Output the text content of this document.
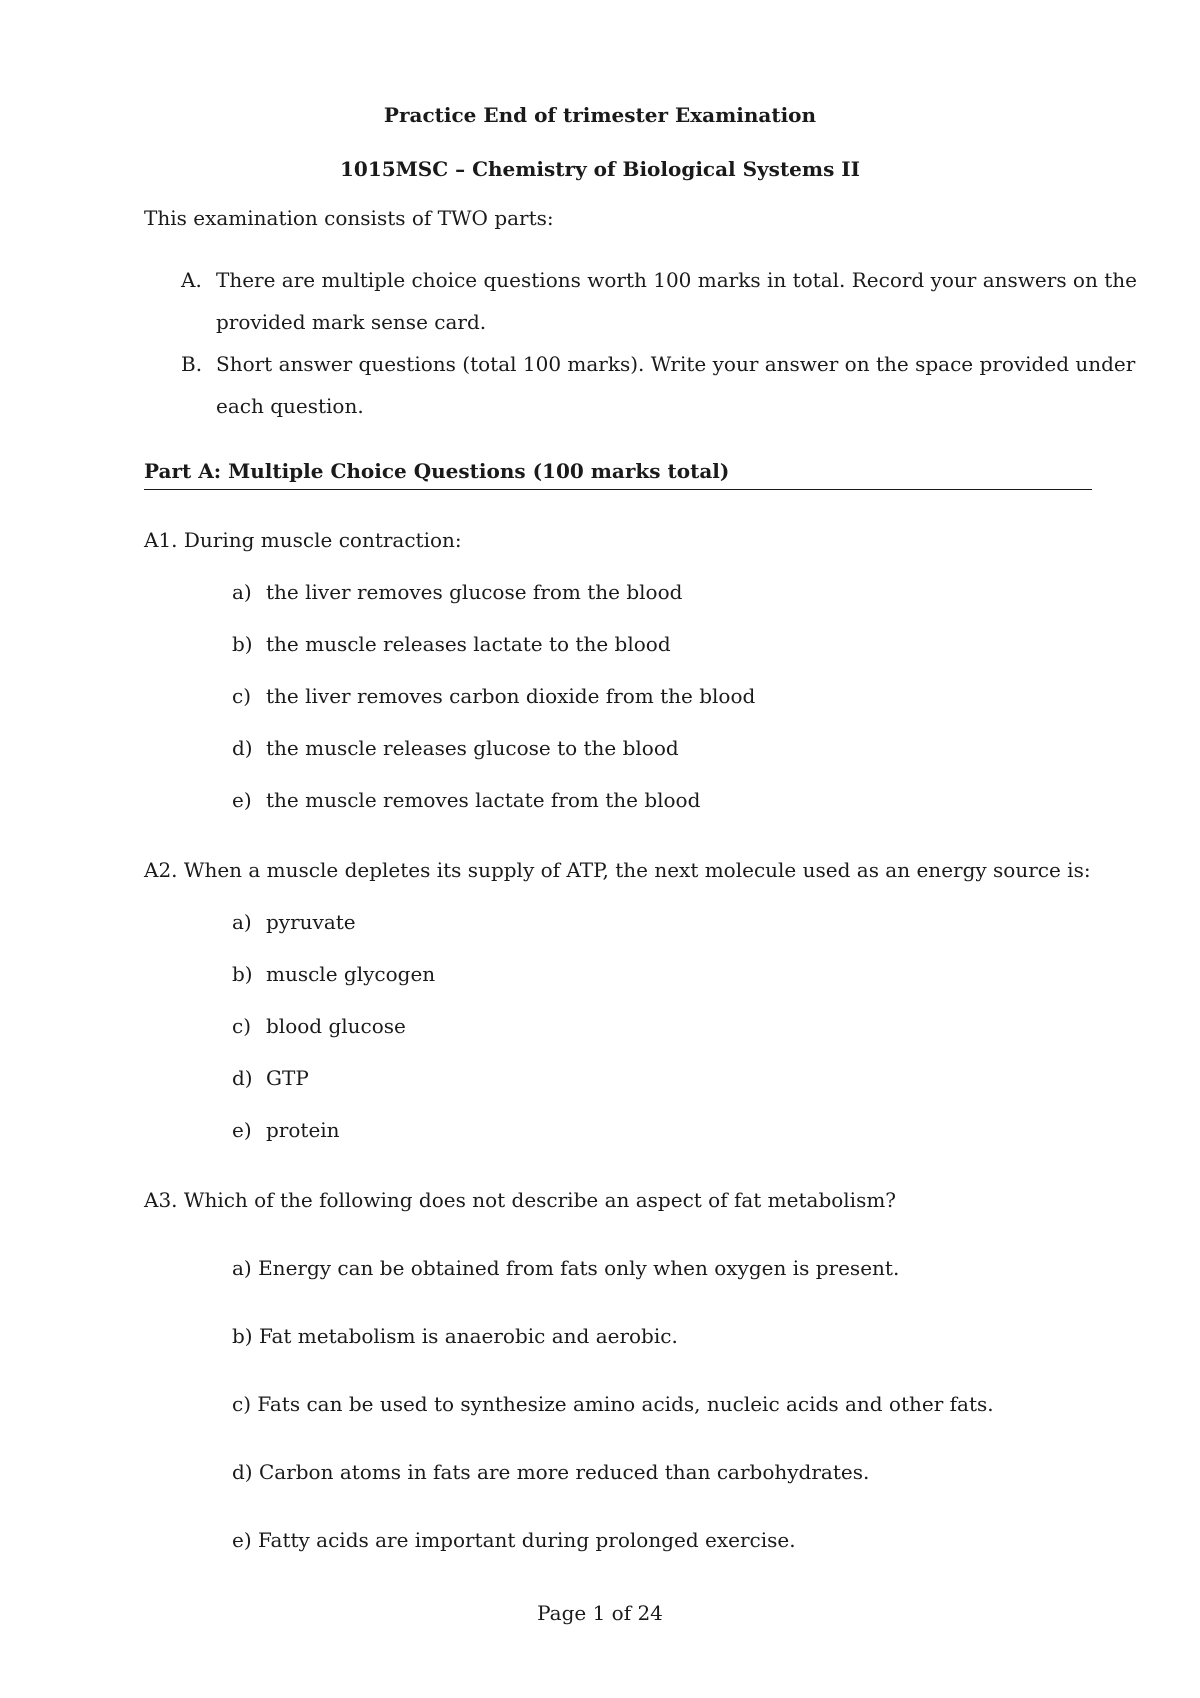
Practice End of trimester Examination
1015MSC – Chemistry of Biological Systems II
This examination consists of TWO parts:
A. There are multiple choice questions worth 100 marks in total. Record your answers on the
provided mark sense card.
B. Short answer questions (total 100 marks). Write your answer on the space provided under
each question.
Part A: Multiple Choice Questions (100 marks total)
A1. During muscle contraction:
a) the liver removes glucose from the blood
b) the muscle releases lactate to the blood
c) the liver removes carbon dioxide from the blood
d) the muscle releases glucose to the blood
e) the muscle removes lactate from the blood
A2. When a muscle depletes its supply of ATP, the next molecule used as an energy source is:
a) pyruvate
b) muscle glycogen
c) blood glucose
d) GTP
e) protein
A3. Which of the following does not describe an aspect of fat metabolism?
a) Energy can be obtained from fats only when oxygen is present.
b) Fat metabolism is anaerobic and aerobic.
c) Fats can be used to synthesize amino acids, nucleic acids and other fats.
d) Carbon atoms in fats are more reduced than carbohydrates.
e) Fatty acids are important during prolonged exercise.
Page 1 of 24
